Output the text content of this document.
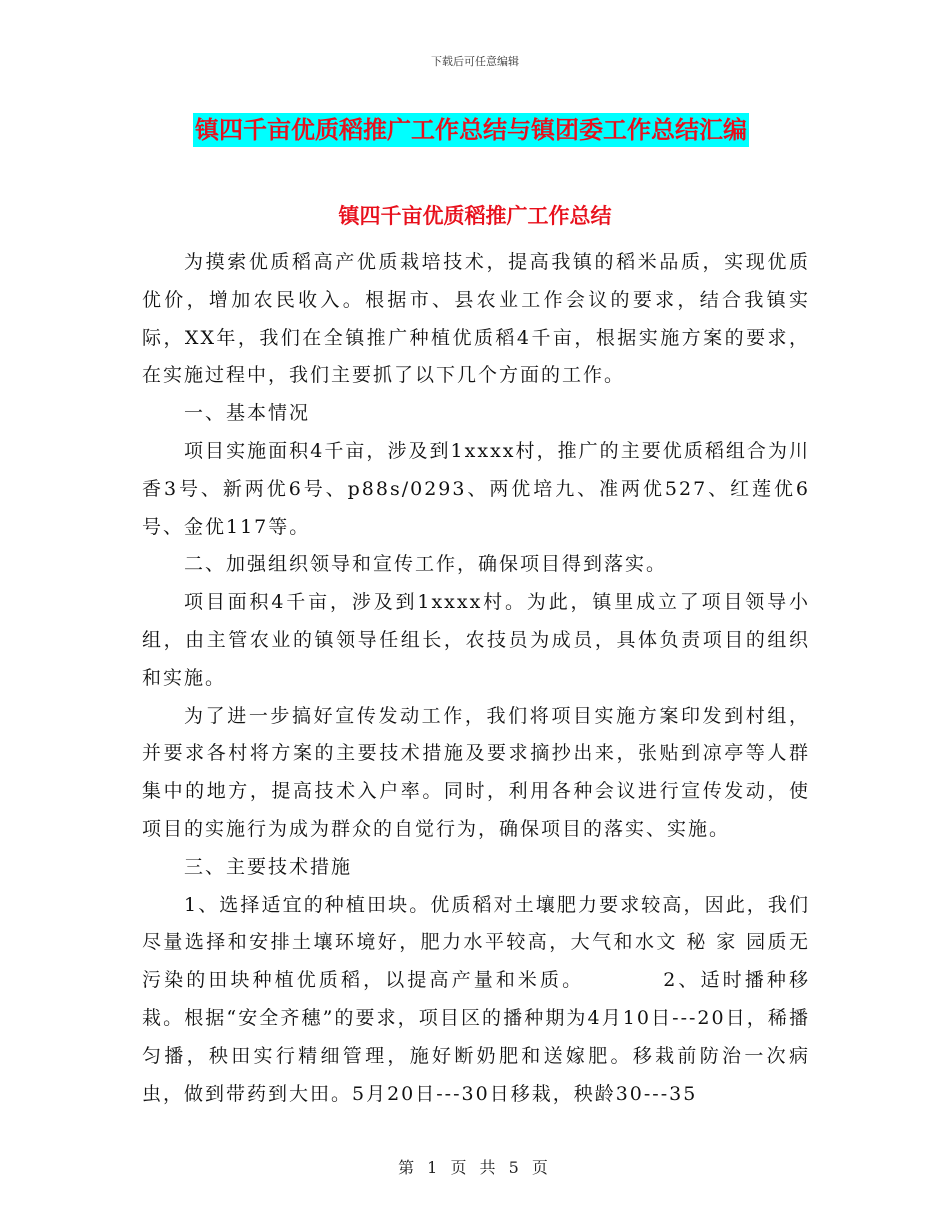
下载后可任意编辑
镇四千亩优质稻推广工作总结与镇团委工作总结汇编
镇四千亩优质稻推广工作总结

为摸索优质稻高产优质栽培技术，提高我镇的稻米品质，实现优质优价，增加农民收入。根据市、县农业工作会议的要求，结合我镇实际，XX年，我们在全镇推广种植优质稻4千亩，根据实施方案的要求，在实施过程中，我们主要抓了以下几个方面的工作。

一、基本情况

项目实施面积4千亩，涉及到1xxxx村，推广的主要优质稻组合为川香3号、新两优6号、p88s/0293、两优培九、准两优527、红莲优6号、金优117等。

二、加强组织领导和宣传工作，确保项目得到落实。

项目面积4千亩，涉及到1xxxx村。为此，镇里成立了项目领导小组，由主管农业的镇领导任组长，农技员为成员，具体负责项目的组织和实施。

为了进一步搞好宣传发动工作，我们将项目实施方案印发到村组，并要求各村将方案的主要技术措施及要求摘抄出来，张贴到凉亭等人群集中的地方，提高技术入户率。同时，利用各种会议进行宣传发动，使项目的实施行为成为群众的自觉行为，确保项目的落实、实施。

三、主要技术措施

1、选择适宜的种植田块。优质稻对土壤肥力要求较高，因此，我们尽量选择和安排土壤环境好，肥力水平较高，大气和水文 秘 家 园质无污染的田块种植优质稻，以提高产量和米质。　　　　2、适时播种移栽。根据“安全齐穗”的要求，项目区的播种期为4月10日---20日，稀播匀播，秧田实行精细管理，施好断奶肥和送嫁肥。移栽前防治一次病虫，做到带药到大田。5月20日---30日移栽，秧龄30---35

第 1 页 共 5 页
